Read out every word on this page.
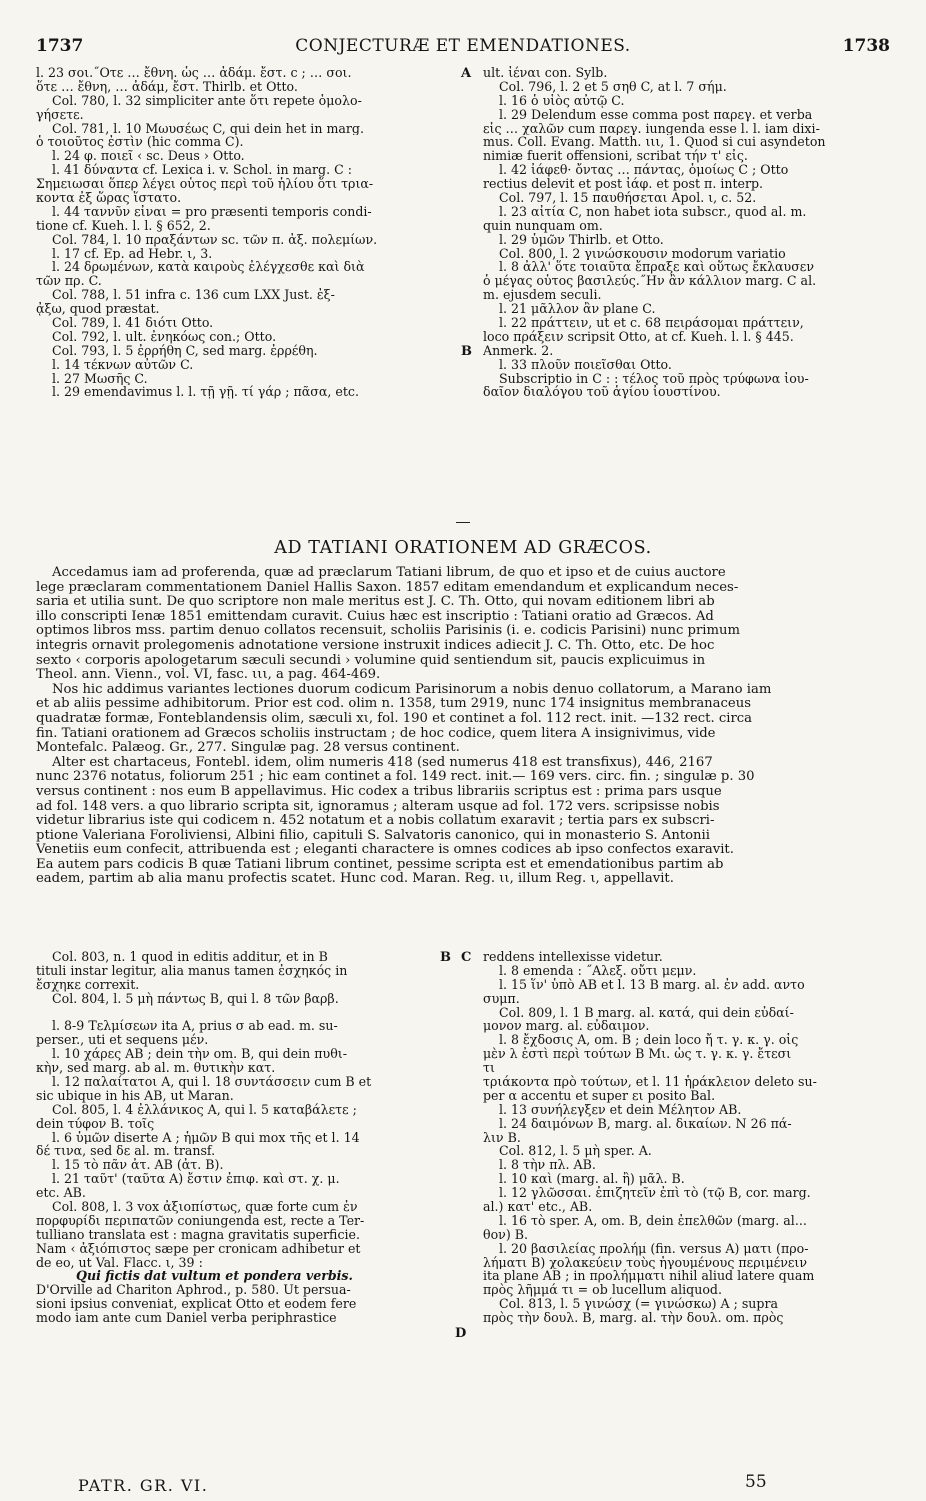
1737	CONJECTURÆ ET EMENDATIONES.	1738
l. 23 σοι.˝Οτε … ἔθνη. ὡς … ἀδάμ. ἔστ. c ; … σοι.
ὅτε … ἔθνη, … ἀδάμ, ἔστ. Thirlb. et Otto.
Col. 780, l. 32 simpliciter ante ὅτι repete ὁμολο-
γήσετε.
Col. 781, l. 10 Μωυσέως C, qui dein het in marg.
ὁ τοιοῦτος ἐστὶν (hic comma C).
l. 24 φ. ποιεῖ ‹ sc. Deus › Otto.
l. 41 δύναντα cf. Lexica i. v. Schol. in marg. C :
Σημειωσαι ὅπερ λέγει οὗτος περὶ τοῦ ἡλίου ὅτι τρια-
κοντα ἐξ ὥρας ἵστατο.
l. 44 ταννῦν εἶναι = pro præsenti temporis condi-
tione cf. Kueh. l. l. § 652, 2.
Col. 784, l. 10 πραξάντων sc. τῶν π. ἀξ. πολεμίων.
l. 17 cf. Ep. ad Hebr. ι, 3.
l. 24 δρωμένων, κατὰ καιροὺς ἐλέγχεσθε καὶ διὰ
τῶν πρ. C.
Col. 788, l. 51 infra c. 136 cum LXX Just. ἐξ-
ᾆξω, quod præstat.
Col. 789, l. 41 διότι Otto.
Col. 792, l. ult. ἐνηκόως con.; Otto.
Col. 793, l. 5 ἐρρήθη C, sed marg. ἐρρέθη.
l. 14 τέκνων αὐτῶν C.
l. 27 Μωσῆς C.
l. 29 emendavimus l. l. τῇ γῇ. τί γάρ ; πᾶσα, etc.
ult. ἰέναι con. Sylb.
Col. 796, l. 2 et 5 σηθ C, at l. 7 σήμ.
l. 16 ὁ υἱὸς αὐτῷ C.
l. 29 Delendum esse comma post παρεγ. et verba
εἰς … χαλῶν cum παρεγ. iungenda esse l. l. iam dixi-
mus. Coll. Evang. Matth. ιιι, 1. Quod si cui asyndeton
nimiæ fuerit offensioni, scribat τήν τ' εἰς.
l. 42 ἰάφεθ· ὄντας … πάντας, ὁμοίως C ; Otto
rectius delevit et post ἰάφ. et post π. interp.
Col. 797, l. 15 παυθήσεται Apol. ι, c. 52.
l. 23 αἰτία C, non habet iota subscr., quod al. m.
quin nunquam om.
l. 29 ὑμῶν Thirlb. et Otto.
Col. 800, l. 2 γινώσκουσιν modorum variatio
l. 8 ἀλλ' ὅτε τοιαῦτα ἔπραξε καὶ οὕτως ἔκλαυσεν
ὁ μέγας οὗτος βασιλεύς.˝Ην ἂν κάλλιον marg. C al.
m. ejusdem seculi.
l. 21 μᾶλλον ἂν plane C.
l. 22 πράττειν, ut et c. 68 πειράσομαι πράττειν,
loco πράξειν scripsit Otto, at cf. Kueh. l. l. § 445.
Anmerk. 2.
l. 33 πλοῦν ποιεῖσθαι Otto.
Subscriptio in C : : τέλος τοῦ πρὸς τρύφωνα ἰου-
δαῖον διαλόγου τοῦ ἁγίου ἰουστίνου.
A
B
AD TATIANI ORATIONEM AD GRÆCOS.
Accedamus iam ad proferenda, quæ ad præclarum Tatiani librum, de quo et ipso et de cuius auctore
lege præclaram commentationem Daniel Hallis Saxon. 1857 editam emendandum et explicandum neces-
saria et utilia sunt. De quo scriptore non male meritus est J. C. Th. Otto, qui novam editionem libri ab
illo conscripti Ienæ 1851 emittendam curavit. Cuius hæc est inscriptio : Tatiani oratio ad Græcos. Ad
optimos libros mss. partim denuo collatos recensuit, scholiis Parisinis (i. e. codicis Parisini) nunc primum
integris ornavit prolegomenis adnotatione versione instruxit indices adiecit J. C. Th. Otto, etc. De hoc
sexto ‹ corporis apologetarum sæculi secundi › volumine quid sentiendum sit, paucis explicuimus in
Theol. ann. Vienn., vol. VI, fasc. ιιι, a pag. 464-469.
Nos hic addimus variantes lectiones duorum codicum Parisinorum a nobis denuo collatorum, a Marano iam
et ab aliis pessime adhibitorum. Prior est cod. olim n. 1358, tum 2919, nunc 174 insignitus membranaceus
quadratæ formæ, Fonteblandensis olim, sæculi xι, fol. 190 et continet a fol. 112 rect. init. —132 rect. circa
fin. Tatiani orationem ad Græcos scholiis instructam ; de hoc codice, quem litera A insignivimus, vide
Montefalc. Palæog. Gr., 277. Singulæ pag. 28 versus continent.
Alter est chartaceus, Fontebl. idem, olim numeris 418 (sed numerus 418 est transfixus), 446, 2167
nunc 2376 notatus, foliorum 251 ; hic eam continet a fol. 149 rect. init.— 169 vers. circ. fin. ; singulæ p. 30
versus continent : nos eum B appellavimus. Hic codex a tribus librariis scriptus est : prima pars usque
ad fol. 148 vers. a quo librario scripta sit, ignoramus ; alteram usque ad fol. 172 vers. scripsisse nobis
videtur librarius iste qui codicem n. 452 notatum et a nobis collatum exaravit ; tertia pars ex subscri-
ptione Valeriana Foroliviensi, Albini filio, capituli S. Salvatoris canonico, qui in monasterio S. Antonii
Venetiis eum confecit, attribuenda est ; eleganti charactere is omnes codices ab ipso confectos exaravit.
Ea autem pars codicis B quæ Tatiani librum continet, pessime scripta est et emendationibus partim ab
eadem, partim ab alia manu profectis scatet. Hunc cod. Maran. Reg. ιι, illum Reg. ι, appellavit.
Col. 803, n. 1 quod in editis additur, et in B
tituli instar legitur, alia manus tamen ἐσχηκός in
ἔσχηκε correxit.
Col. 804, l. 5 μὴ πάντως B, qui l. 8 τῶν βαρβ.
l. 8-9 Τελμίσεων ita A, prius σ ab ead. m. su-
perser., uti et sequens μέν.
l. 10 χάρες AB ; dein τὴν om. B, qui dein πυθι-
κὴν, sed marg. ab al. m. θυτικὴν κατ.
l. 12 παλαίτατοι A, qui l. 18 συντάσσειν cum B et
sic ubique in his AB, ut Maran.
Col. 805, l. 4 ἐλλάνικος A, qui l. 5 καταβάλετε ;
dein τύφον B. τοῖς
l. 6 ὑμῶν diserte A ; ἡμῶν B qui mox τῆς et l. 14
δέ τινα, sed δε al. m. transf.
l. 15 τὸ πᾶν ἀτ. AB (ἀτ. B).
l. 21 ταῦτ' (ταῦτα A) ἔστιν ἐπιφ. καὶ στ. χ. μ.
etc. AB.
Col. 808, l. 3 vox ἀξιοπίστως, quæ forte cum ἐν
πορφυρίδι περιπατῶν coniungenda est, recte a Ter-
tulliano translata est : magna gravitatis superficie.
Nam ‹ ἀξιόπιστος sæpe per cronicam adhibetur et
de eo, ut Val. Flacc. ι, 39 :
Qui fictis dat vultum et pondera verbis.
D'Orville ad Chariton Aphrod., p. 580. Ut persua-
sioni ipsius conveniat, explicat Otto et eodem fere
modo iam ante cum Daniel verba periphrastice
reddens intellexisse videtur.
l. 8 emenda : ˝Αλεξ. οὔτι μεμν.
l. 15 ἵν' ὑπὸ AB et l. 13 B marg. al. ἐν add. αντο
συμπ.
Col. 809, l. 1 B marg. al. κατά, qui dein εὐδαί-
μονον marg. al. εὐδαιμον.
l. 8 ἔχδοσις A, om. B ; dein loco ἤ τ. γ. κ. γ. οἷς
μὲν λ ἐστὶ περὶ τούτων B Mι. ὡς τ. γ. κ. γ. ἔτεσι
τι
τριάκοντα πρὸ τούτων, et l. 11 ἡράκλειον deleto su-
per α accentu et super ει posito Bal.
l. 13 συνήλεγξεν et dein Μέλητον AB.
l. 24 δαιμόνων B, marg. al. δικαίων. N 26 πά-
λιν B.
Col. 812, l. 5 μὴ sper. A.
l. 8 τὴν πλ. AB.
l. 10 καὶ (marg. al. ἢ) μᾶλ. B.
l. 12 γλῶσσαι. ἐπιζητεῖν ἐπὶ τὸ (τῷ B, cor. marg.
al.) κατ' etc., AB.
l. 16 τὸ sper. A, om. B, dein ἐπελθῶν (marg. al...
θον) B.
l. 20 βασιλείας προλήμ (fin. versus A) ματι (προ-
λήματι B) χολακεύειν τοὺς ἡγουμένους περιμένειν
ita plane AB ; in προλήμματι nihil aliud latere quam
πρὸς λῆμμά τι = ob lucellum aliquod.
Col. 813, l. 5 γινώσχ (= γινώσκω) A ; supra
πρὸς τὴν δουλ. B, marg. al. τὴν δουλ. om. πρὸς
B C
D
PATR. GR. VI.	55
